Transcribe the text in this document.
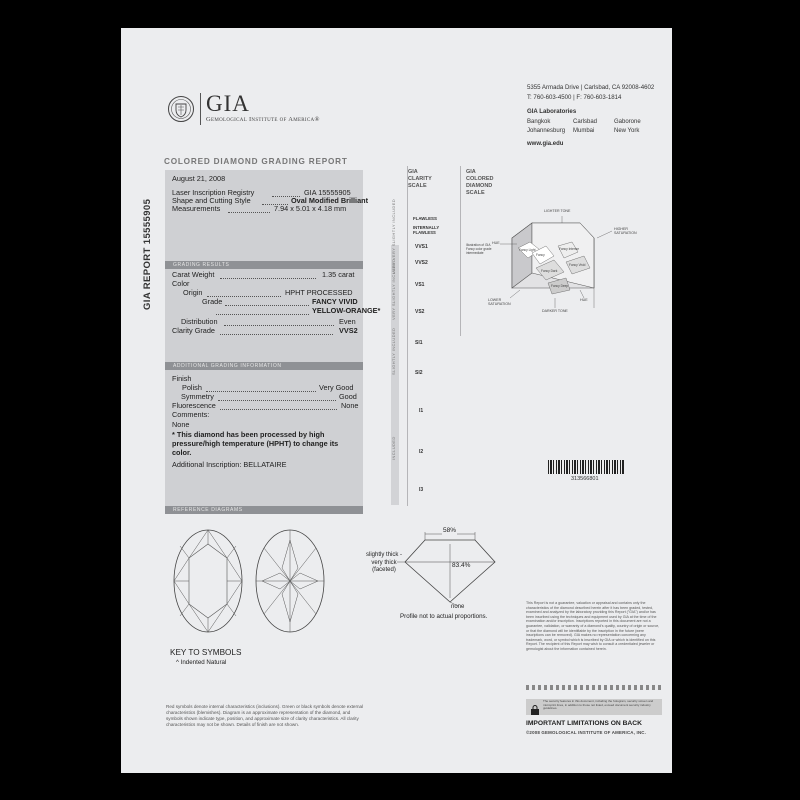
GIA
Gemological Institute of America®
5355 Armada Drive | Carlsbad, CA 92008-4602
T: 760-603-4500 | F: 760-603-1814
GIA Laboratories
Bangkok	Carlsbad	Gaborone
Johannesburg Mumbai	New York
www.gia.edu
COLORED DIAMOND GRADING REPORT
GIA REPORT 15555905
August 21, 2008
Laser Inscription Registry	GIA 15555905
Shape and Cutting Style	Oval Modified Brilliant
Measurements	7.94 x 5.01 x 4.18 mm
GRADING RESULTS
Carat Weight	1.35 carat
Color
Origin	HPHT PROCESSED
Grade	FANCY VIVID
YELLOW-ORANGE*
Distribution	Even
Clarity Grade	VVS2
ADDITIONAL GRADING INFORMATION
Finish
Polish	Very Good
Symmetry	Good
Fluorescence	None
Comments:
None
* This diamond has been processed by high pressure/high temperature (HPHT) to change its color.
Additional Inscription: BELLATAIRE
REFERENCE DIAGRAMS
GIA
CLARITY
SCALE
VERY VERY SLIGHTLY INCLUDED
VERY SLIGHTLY INCLUDED
SLIGHTLY INCLUDED
INCLUDED
FLAWLESS
INTERNALLY FLAWLESS
VVS1
VVS2
VS1
VS2
SI1
SI2
I1
I2
I3
GIA
COLORED
DIAMOND
SCALE
Fancy Light
Fancy
Fancy Intense
Fancy Vivid
Fancy Dark
Fancy Deep
LIGHTER TONE
HUE
HIGHER SATURATION
LOWER SATURATION
HUE
DARKER TONE
Illustration of GIA Fancy color grade intermediate
313566801
58%
83.4%
slightly thick - very thick (faceted)
none
Profile not to actual proportions.
KEY TO SYMBOLS
^ Indented Natural
Red symbols denote internal characteristics (inclusions). Green or black symbols denote external characteristics (blemishes). Diagram is an approximate representation of the diamond, and symbols shown indicate type, position, and approximate size of clarity characteristics. All clarity characteristics may not be shown. Details of finish are not shown.
This Report is not a guarantee, valuation or appraisal and contains only the characteristics of the diamond described herein after it has been graded, tested, examined and analyzed by the laboratory providing this Report ("GIA") and/or has been inscribed using the techniques and equipment used by GIA at the time of the examination and/or inscription. Inscriptions reported in this document are not a guarantee, validation, or warranty of a diamond's quality, country of origin or source, or that the diamond will be identifiable by the inscription in the future (were inscriptions can be removed). GIA makes no representation concerning any trademark, word, or symbol which is inscribed by GIA or which is identified on this Report. The recipient of this Report may wish to consult a credentialed jeweler or gemologist about the information contained herein.
The security features in this document, including the hologram, security screen and microprint lines, in addition to those not listed, exceed document security industry guidelines.
IMPORTANT LIMITATIONS ON BACK
©2008 GEMOLOGICAL INSTITUTE OF AMERICA, INC.
